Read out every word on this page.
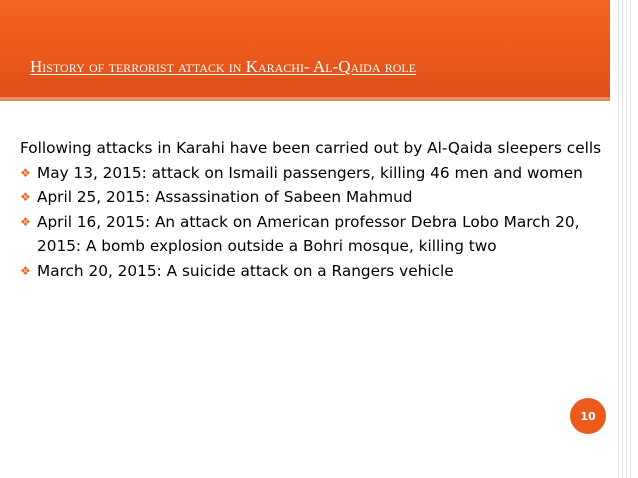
History of terrorist attack in Karachi- Al-Qaida role

Following attacks in Karahi have been carried out by Al-Qaida sleepers cells

❖ May 13, 2015: attack on Ismaili passengers, killing 46 men and women
❖ April 25, 2015: Assassination of Sabeen Mahmud
❖ April 16, 2015: An attack on American professor Debra Lobo March 20, 2015: A bomb explosion outside a Bohri mosque, killing two
❖ March 20, 2015: A suicide attack on a Rangers vehicle
10
